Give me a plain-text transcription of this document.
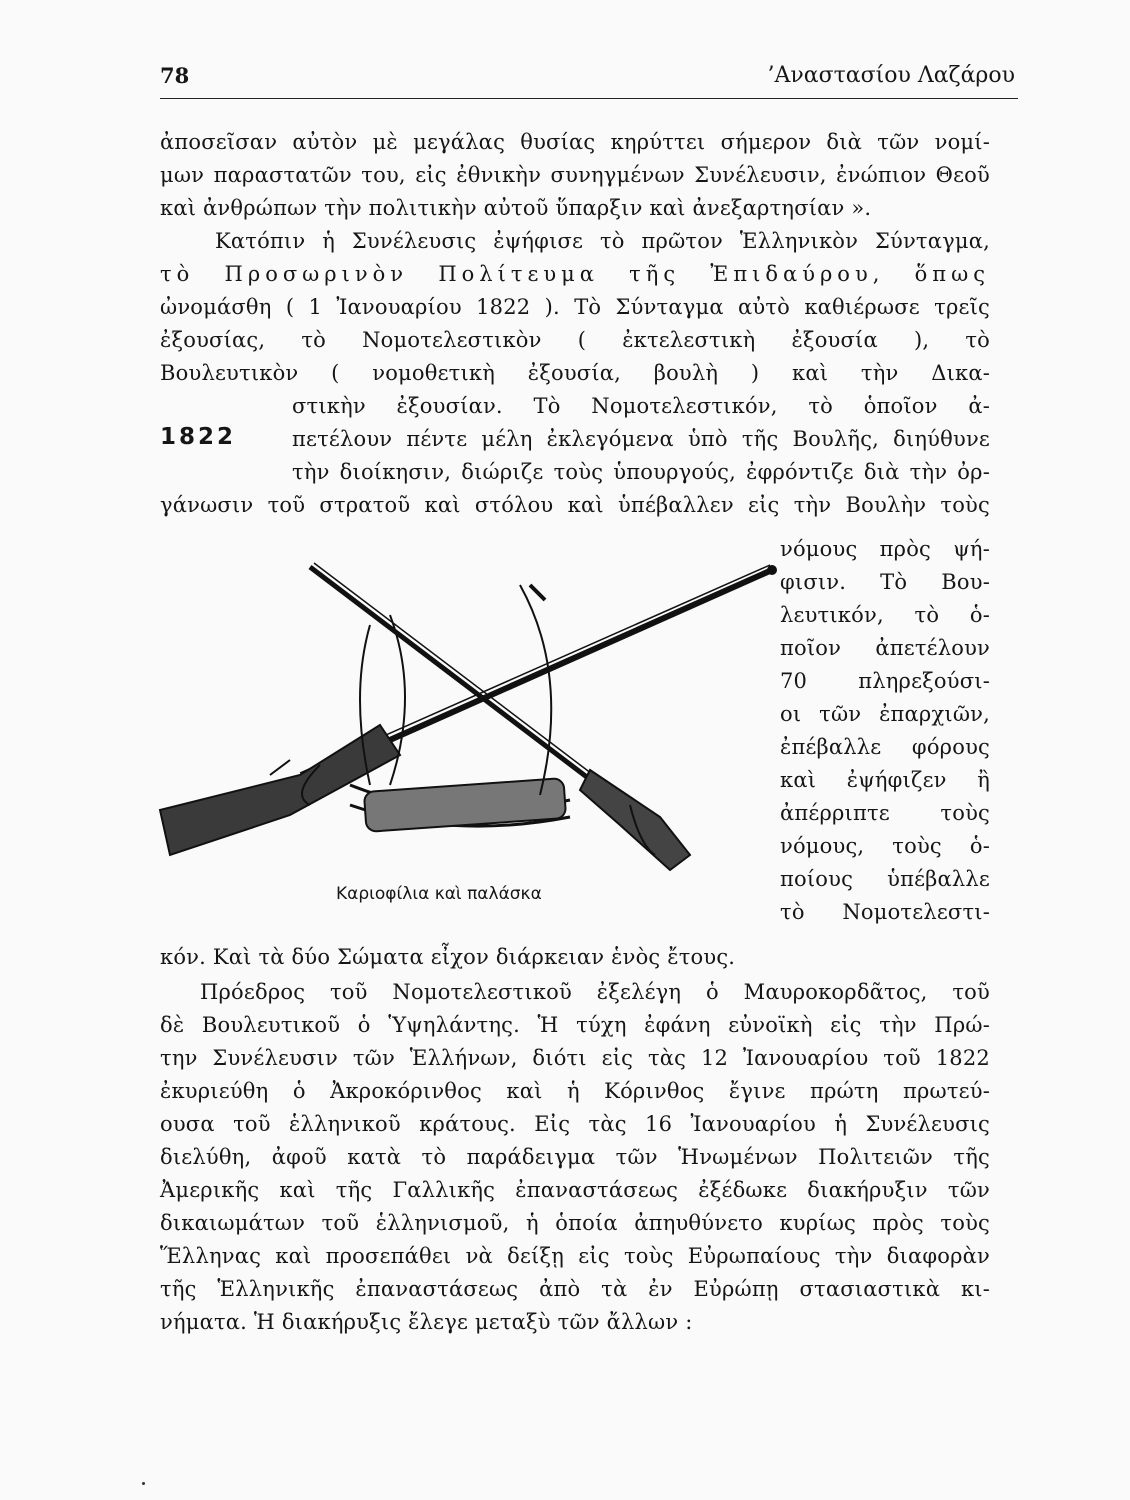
78	’Αναστασίου Λαζάρου
ἀποσεῖσαν αὐτὸν μὲ μεγάλας θυσίας κηρύττει σήμερον διὰ τῶν νομί-
μων παραστατῶν του, εἰς ἐθνικὴν συνηγμένων Συνέλευσιν, ἐνώπιον Θεοῦ
καὶ ἀνθρώπων τὴν πολιτικὴν αὐτοῦ ὕπαρξιν καὶ ἀνεξαρτησίαν ».
Κατόπιν ἡ Συνέλευσις ἐψήφισε τὸ πρῶτον Ἑλληνικὸν Σύνταγμα,
τὸ Προσωρινὸν Πολίτευμα τῆς Ἐπιδαύρου, ὅπως
ὠνομάσθη ( 1 Ἰανουαρίου 1822 ). Τὸ Σύνταγμα αὐτὸ καθιέρωσε τρεῖς
ἐξουσίας, τὸ Νομοτελεστικὸν ( ἐκτελεστικὴ ἐξουσία ), τὸ
Βουλευτικὸν ( νομοθετικὴ ἐξουσία, βουλὴ ) καὶ τὴν Δικα-
στικὴν ἐξουσίαν. Τὸ Νομοτελεστικόν, τὸ ὁποῖον ἀ-
πετέλουν πέντε μέλη ἐκλεγόμενα ὑπὸ τῆς Βουλῆς, διηύθυνε
τὴν διοίκησιν, διώριζε τοὺς ὑπουργούς, ἐφρόντιζε διὰ τὴν ὀρ-
γάνωσιν τοῦ στρατοῦ καὶ στόλου καὶ ὑπέβαλλεν εἰς τὴν Βουλὴν τοὺς
1822
νόμους πρὸς ψή-
φισιν. Τὸ Βου-
λευτικόν, τὸ ὁ-
ποῖον ἀπετέλουν
70 πληρεξούσι-
οι τῶν ἐπαρχιῶν,
ἐπέβαλλε φόρους
καὶ ἐψήφιζεν ἢ
ἀπέρριπτε τοὺς
νόμους, τοὺς ὁ-
ποίους ὑπέβαλλε
τὸ Νομοτελεστι-
Καριοφίλια καὶ παλάσκα
κόν. Καὶ τὰ δύο Σώματα εἶχον διάρκειαν ἑνὸς ἔτους.
Πρόεδρος τοῦ Νομοτελεστικοῦ ἐξελέγη ὁ Μαυροκορδᾶτος, τοῦ
δὲ Βουλευτικοῦ ὁ Ὑψηλάντης. Ἡ τύχη ἐφάνη εὐνοϊκὴ εἰς τὴν Πρώ-
την Συνέλευσιν τῶν Ἑλλήνων, διότι εἰς τὰς 12 Ἰανουαρίου τοῦ 1822
ἐκυριεύθη ὁ Ἀκροκόρινθος καὶ ἡ Κόρινθος ἔγινε πρώτη πρωτεύ-
ουσα τοῦ ἑλληνικοῦ κράτους. Εἰς τὰς 16 Ἰανουαρίου ἡ Συνέλευσις
διελύθη, ἀφοῦ κατὰ τὸ παράδειγμα τῶν Ἡνωμένων Πολιτειῶν τῆς
Ἀμερικῆς καὶ τῆς Γαλλικῆς ἐπαναστάσεως ἐξέδωκε διακήρυξιν τῶν
δικαιωμάτων τοῦ ἑλληνισμοῦ, ἡ ὁποία ἀπηυθύνετο κυρίως πρὸς τοὺς
Ἕλληνας καὶ προσεπάθει νὰ δείξῃ εἰς τοὺς Εὐρωπαίους τὴν διαφορὰν
τῆς Ἑλληνικῆς ἐπαναστάσεως ἀπὸ τὰ ἐν Εὐρώπῃ στασιαστικὰ κι-
νήματα. Ἡ διακήρυξις ἔλεγε μεταξὺ τῶν ἄλλων :
